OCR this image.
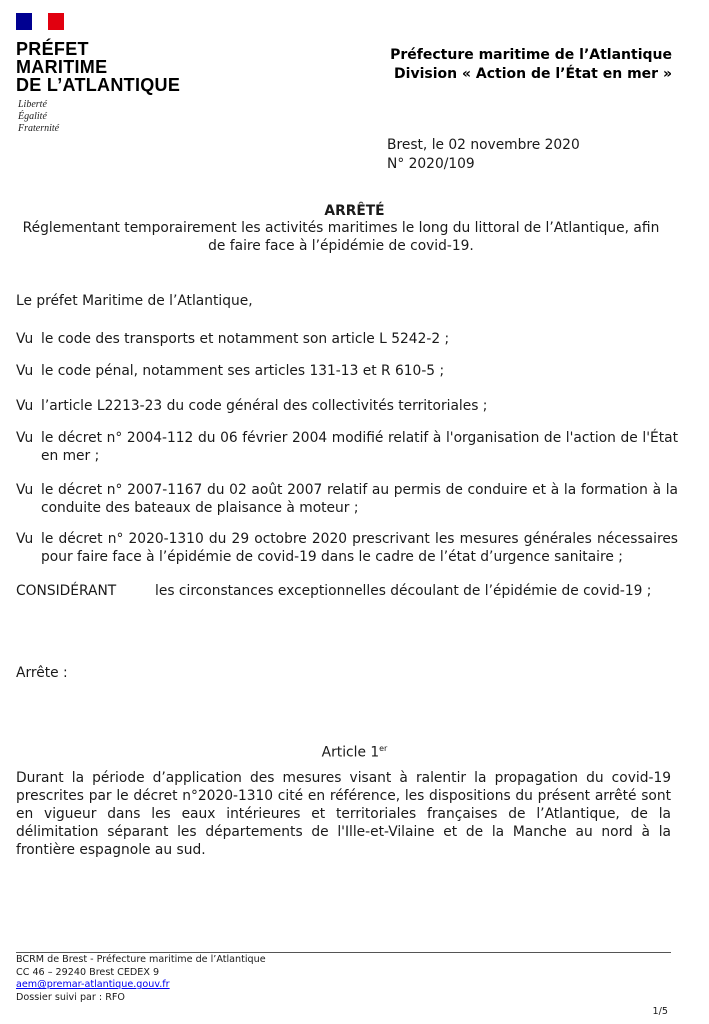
PRÉFET
MARITIME
DE L’ATLANTIQUE
Liberté
Égalité
Fraternité
Préfecture maritime de l’Atlantique
Division « Action de l’État en mer »
Brest, le 02 novembre 2020
N° 2020/109
ARRÊTÉ
Réglementant temporairement les activités maritimes le long du littoral de l’Atlantique, afin de faire face à l’épidémie de covid-19.
Le préfet Maritime de l’Atlantique,
Vu le code des transports et notamment son article L 5242-2 ;
Vu le code pénal, notamment ses articles 131-13 et R 610-5 ;
Vu l’article L2213-23 du code général des collectivités territoriales ;
Vu le décret n° 2004-112 du 06 février 2004 modifié relatif à l'organisation de l'action de l'État en mer ;
Vu le décret n° 2007-1167 du 02 août 2007 relatif au permis de conduire et à la formation à la conduite des bateaux de plaisance à moteur ;
Vu le décret n° 2020-1310 du 29 octobre 2020 prescrivant les mesures générales nécessaires pour faire face à l’épidémie de covid-19 dans le cadre de l’état d’urgence sanitaire ;
CONSIDÉRANT	les circonstances exceptionnelles découlant de l’épidémie de covid-19 ;
Arrête :
Article 1er
Durant la période d’application des mesures visant à ralentir la propagation du covid-19 prescrites par le décret n°2020-1310 cité en référence, les dispositions du présent arrêté sont en vigueur dans les eaux intérieures et territoriales françaises de l’Atlantique, de la délimitation séparant les départements de l'Ille-et-Vilaine et de la Manche au nord à la frontière espagnole au sud.
BCRM de Brest - Préfecture maritime de l’Atlantique
CC 46 – 29240 Brest CEDEX 9
aem@premar-atlantique.gouv.fr
Dossier suivi par : RFO
1/5
